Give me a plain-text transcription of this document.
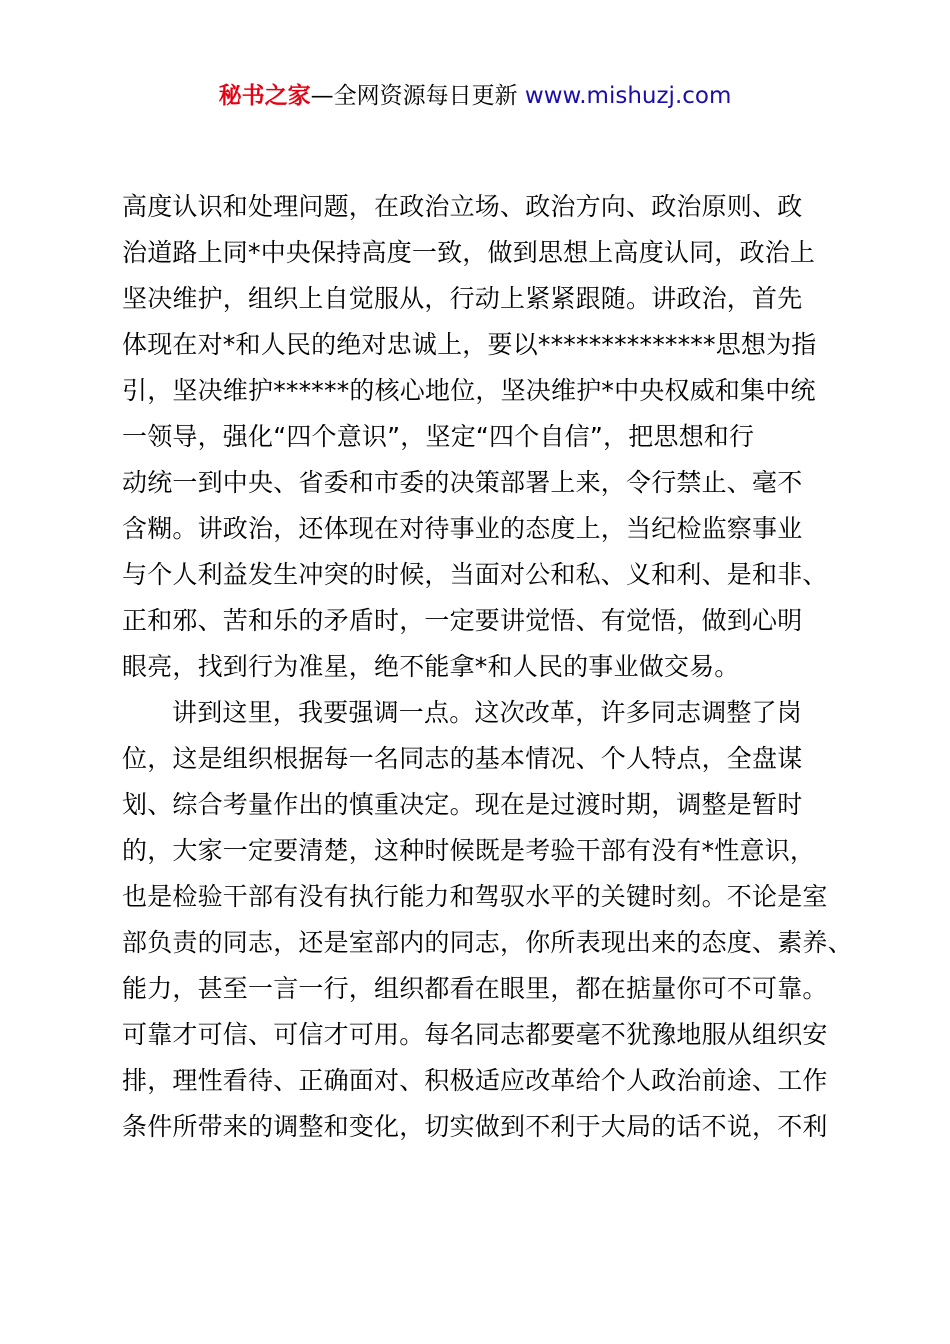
秘书之家—全网资源每日更新 www.mishuzj.com
高度认识和处理问题，在政治立场、政治方向、政治原则、政
治道路上同*中央保持高度一致，做到思想上高度认同，政治上
坚决维护，组织上自觉服从，行动上紧紧跟随。讲政治，首先
体现在对*和人民的绝对忠诚上，要以**************思想为指
引，坚决维护******的核心地位，坚决维护*中央权威和集中统
一领导，强化“四个意识”，坚定“四个自信”，把思想和行
动统一到中央、省委和市委的决策部署上来，令行禁止、毫不
含糊。讲政治，还体现在对待事业的态度上，当纪检监察事业
与个人利益发生冲突的时候，当面对公和私、义和利、是和非、
正和邪、苦和乐的矛盾时，一定要讲觉悟、有觉悟，做到心明
眼亮，找到行为准星，绝不能拿*和人民的事业做交易。
讲到这里，我要强调一点。这次改革，许多同志调整了岗
位，这是组织根据每一名同志的基本情况、个人特点，全盘谋
划、综合考量作出的慎重决定。现在是过渡时期，调整是暂时
的，大家一定要清楚，这种时候既是考验干部有没有*性意识，
也是检验干部有没有执行能力和驾驭水平的关键时刻。不论是室
部负责的同志，还是室部内的同志，你所表现出来的态度、素养、
能力，甚至一言一行，组织都看在眼里，都在掂量你可不可靠。
可靠才可信、可信才可用。每名同志都要毫不犹豫地服从组织安
排，理性看待、正确面对、积极适应改革给个人政治前途、工作
条件所带来的调整和变化，切实做到不利于大局的话不说，不利
